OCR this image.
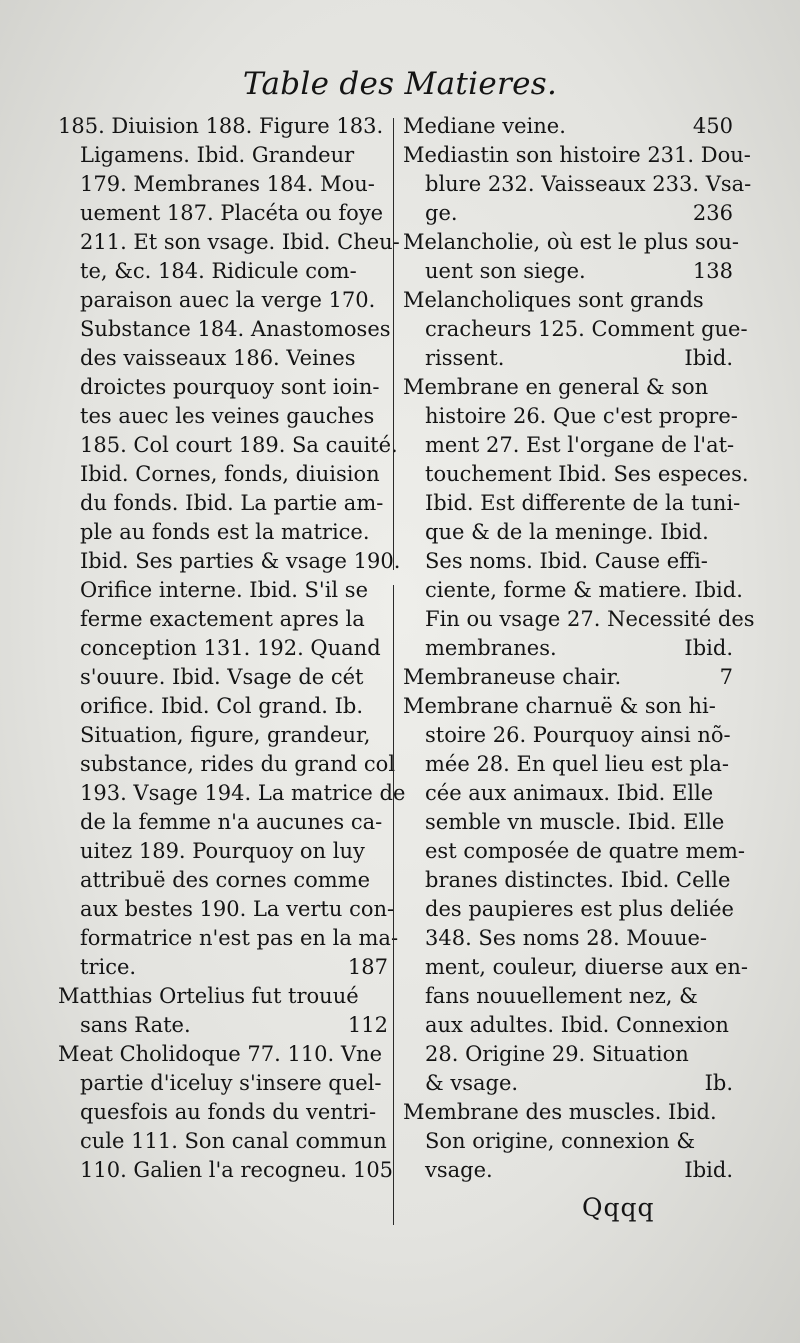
Table des Matieres.
185. Diuision 188. Figure 183.
Ligamens. Ibid. Grandeur
179. Membranes 184. Mou-
uement 187. Placéta ou foye
211. Et son vsage. Ibid. Cheu-
te, &c. 184. Ridicule com-
paraison auec la verge 170.
Substance 184. Anastomoses
des vaisseaux 186. Veines
droictes pourquoy sont ioin-
tes auec les veines gauches
185. Col court 189. Sa cauité.
Ibid. Cornes, fonds, diuision
du fonds. Ibid. La partie am-
ple au fonds est la matrice.
Ibid. Ses parties & vsage 190.
Orifice interne. Ibid. S'il se
ferme exactement apres la
conception 131. 192. Quand
s'ouure. Ibid. Vsage de cét
orifice. Ibid. Col grand. Ib.
Situation, figure, grandeur,
substance, rides du grand col
193. Vsage 194. La matrice de
de la femme n'a aucunes ca-
uitez 189. Pourquoy on luy
attribuë des cornes comme
aux bestes 190. La vertu con-
formatrice n'est pas en la ma-
trice.	187
Matthias Ortelius fut trouué
sans Rate.	112
Meat Cholidoque 77. 110. Vne
partie d'iceluy s'insere quel-
quesfois au fonds du ventri-
cule 111. Son canal commun
110. Galien l'a recogneu. 105
Mediane veine.	450
Mediastin son histoire 231. Dou-
blure 232. Vaisseaux 233. Vsa-
ge.	236
Melancholie, où est le plus sou-
uent son siege.	138
Melancholiques sont grands
cracheurs 125. Comment gue-
rissent.	Ibid.
Membrane en general & son
histoire 26. Que c'est propre-
ment 27. Est l'organe de l'at-
touchement Ibid. Ses especes.
Ibid. Est differente de la tuni-
que & de la meninge. Ibid.
Ses noms. Ibid. Cause effi-
ciente, forme & matiere. Ibid.
Fin ou vsage 27. Necessité des
membranes.	Ibid.
Membraneuse chair.	7
Membrane charnuë & son hi-
stoire 26. Pourquoy ainsi nõ-
mée 28. En quel lieu est pla-
cée aux animaux. Ibid. Elle
semble vn muscle. Ibid. Elle
est composée de quatre mem-
branes distinctes. Ibid. Celle
des paupieres est plus deliée
348. Ses noms 28. Mouue-
ment, couleur, diuerse aux en-
fans nouuellement nez, &
aux adultes. Ibid. Connexion
28. Origine 29. Situation
& vsage.	Ib.
Membrane des muscles. Ibid.
Son origine, connexion &
vsage.	Ibid.
Qqqq
